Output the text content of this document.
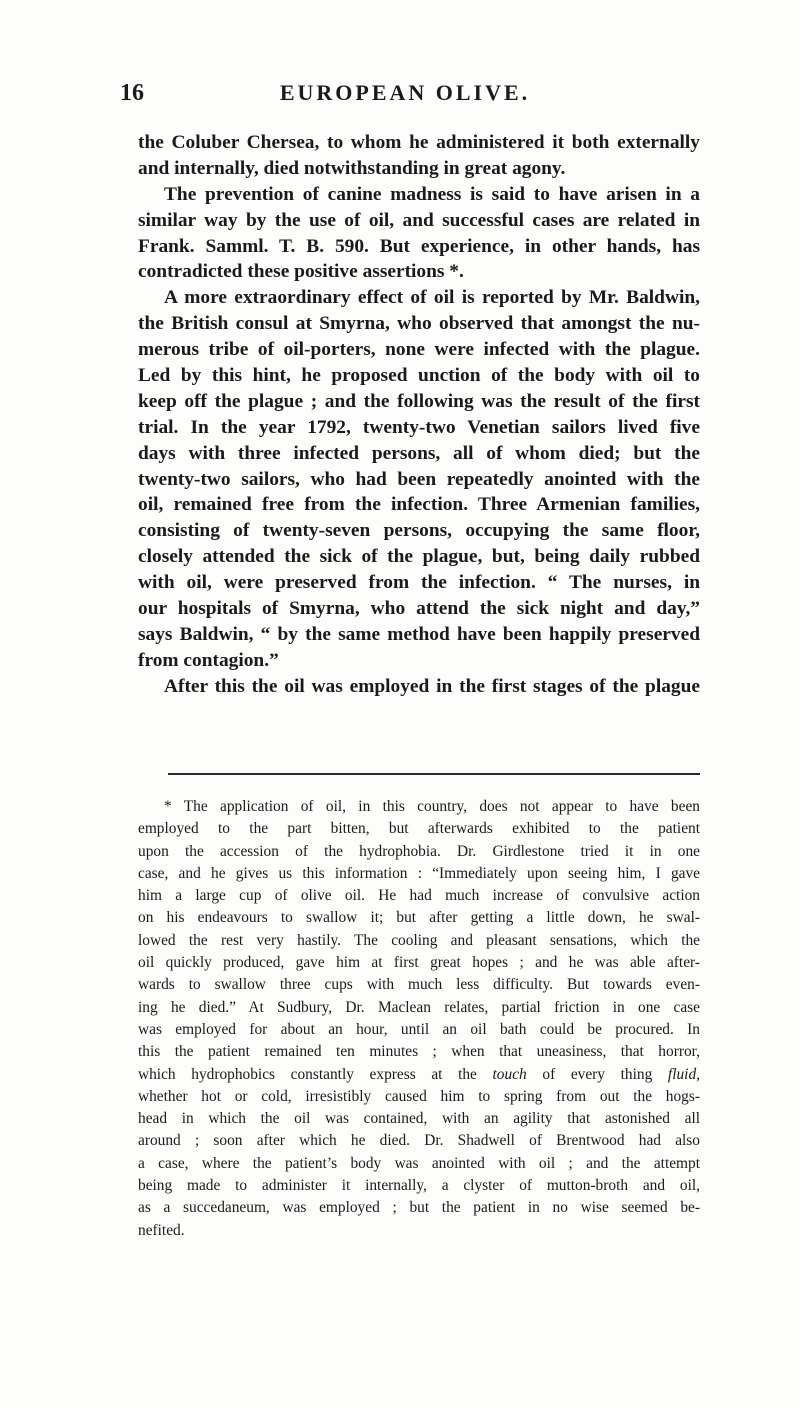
16	EUROPEAN OLIVE.
the Coluber Chersea, to whom he administered it both externally
and internally, died notwithstanding in great agony.
The prevention of canine madness is said to have arisen in a
similar way by the use of oil, and successful cases are related in
Frank. Samml. T. B. 590. But experience, in other hands, has
contradicted these positive assertions *.
A more extraordinary effect of oil is reported by Mr. Baldwin,
the British consul at Smyrna, who observed that amongst the nu-
merous tribe of oil-porters, none were infected with the plague.
Led by this hint, he proposed unction of the body with oil to
keep off the plague ; and the following was the result of the first
trial. In the year 1792, twenty-two Venetian sailors lived five
days with three infected persons, all of whom died; but the
twenty-two sailors, who had been repeatedly anointed with the
oil, remained free from the infection. Three Armenian families,
consisting of twenty-seven persons, occupying the same floor,
closely attended the sick of the plague, but, being daily rubbed
with oil, were preserved from the infection. “ The nurses, in
our hospitals of Smyrna, who attend the sick night and day,”
says Baldwin, “ by the same method have been happily preserved
from contagion.”
After this the oil was employed in the first stages of the plague
* The application of oil, in this country, does not appear to have been
employed to the part bitten, but afterwards exhibited to the patient
upon the accession of the hydrophobia. Dr. Girdlestone tried it in one
case, and he gives us this information : “Immediately upon seeing him, I gave
him a large cup of olive oil. He had much increase of convulsive action
on his endeavours to swallow it; but after getting a little down, he swal-
lowed the rest very hastily. The cooling and pleasant sensations, which the
oil quickly produced, gave him at first great hopes ; and he was able after-
wards to swallow three cups with much less difficulty. But towards even-
ing he died.” At Sudbury, Dr. Maclean relates, partial friction in one case
was employed for about an hour, until an oil bath could be procured. In
this the patient remained ten minutes ; when that uneasiness, that horror,
which hydrophobics constantly express at the touch of every thing fluid,
whether hot or cold, irresistibly caused him to spring from out the hogs-
head in which the oil was contained, with an agility that astonished all
around ; soon after which he died. Dr. Shadwell of Brentwood had also
a case, where the patient’s body was anointed with oil ; and the attempt
being made to administer it internally, a clyster of mutton-broth and oil,
as a succedaneum, was employed ; but the patient in no wise seemed be-
nefited.
